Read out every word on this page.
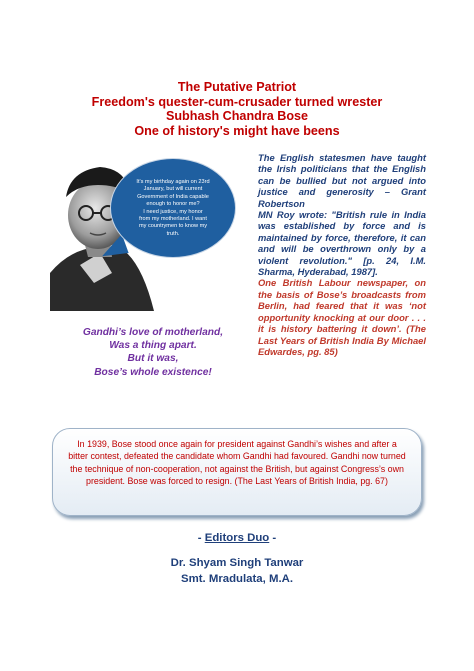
The Putative Patriot
Freedom's quester-cum-crusader turned wrester
Subhash Chandra Bose
One of history's might have beens
It's my birthday again on 23rd
January, but will current
Government of India capable
enough to honor me?
I need justice, my honor
from my motherland. I want
my countrymen to know my
truth.
Gandhi’s love of motherland,
Was a thing apart.
But it was,
Bose’s whole existence!
The English statesmen have taught the Irish politicians that the English can be bullied but not argued into justice and generosity – Grant Robertson
MN Roy wrote: "British rule in India was established by force and is maintained by force, therefore, it can and will be overthrown only by a violent revolution." [p. 24, I.M. Sharma, Hyderabad, 1987].
One British Labour newspaper, on the basis of Bose’s broadcasts from Berlin, had feared that it was ‘not opportunity knocking at our door . . . it is history battering it down’. (The Last Years of British India By Michael Edwardes, pg. 85)
In 1939, Bose stood once again for president against Gandhi’s wishes and after a bitter contest, defeated the candidate whom Gandhi had favoured. Gandhi now turned the technique of non-cooperation, not against the British, but against Congress’s own president. Bose was forced to resign. (The Last Years of British India, pg. 67)
- Editors Duo -
Dr. Shyam Singh Tanwar
Smt. Mradulata, M.A.
